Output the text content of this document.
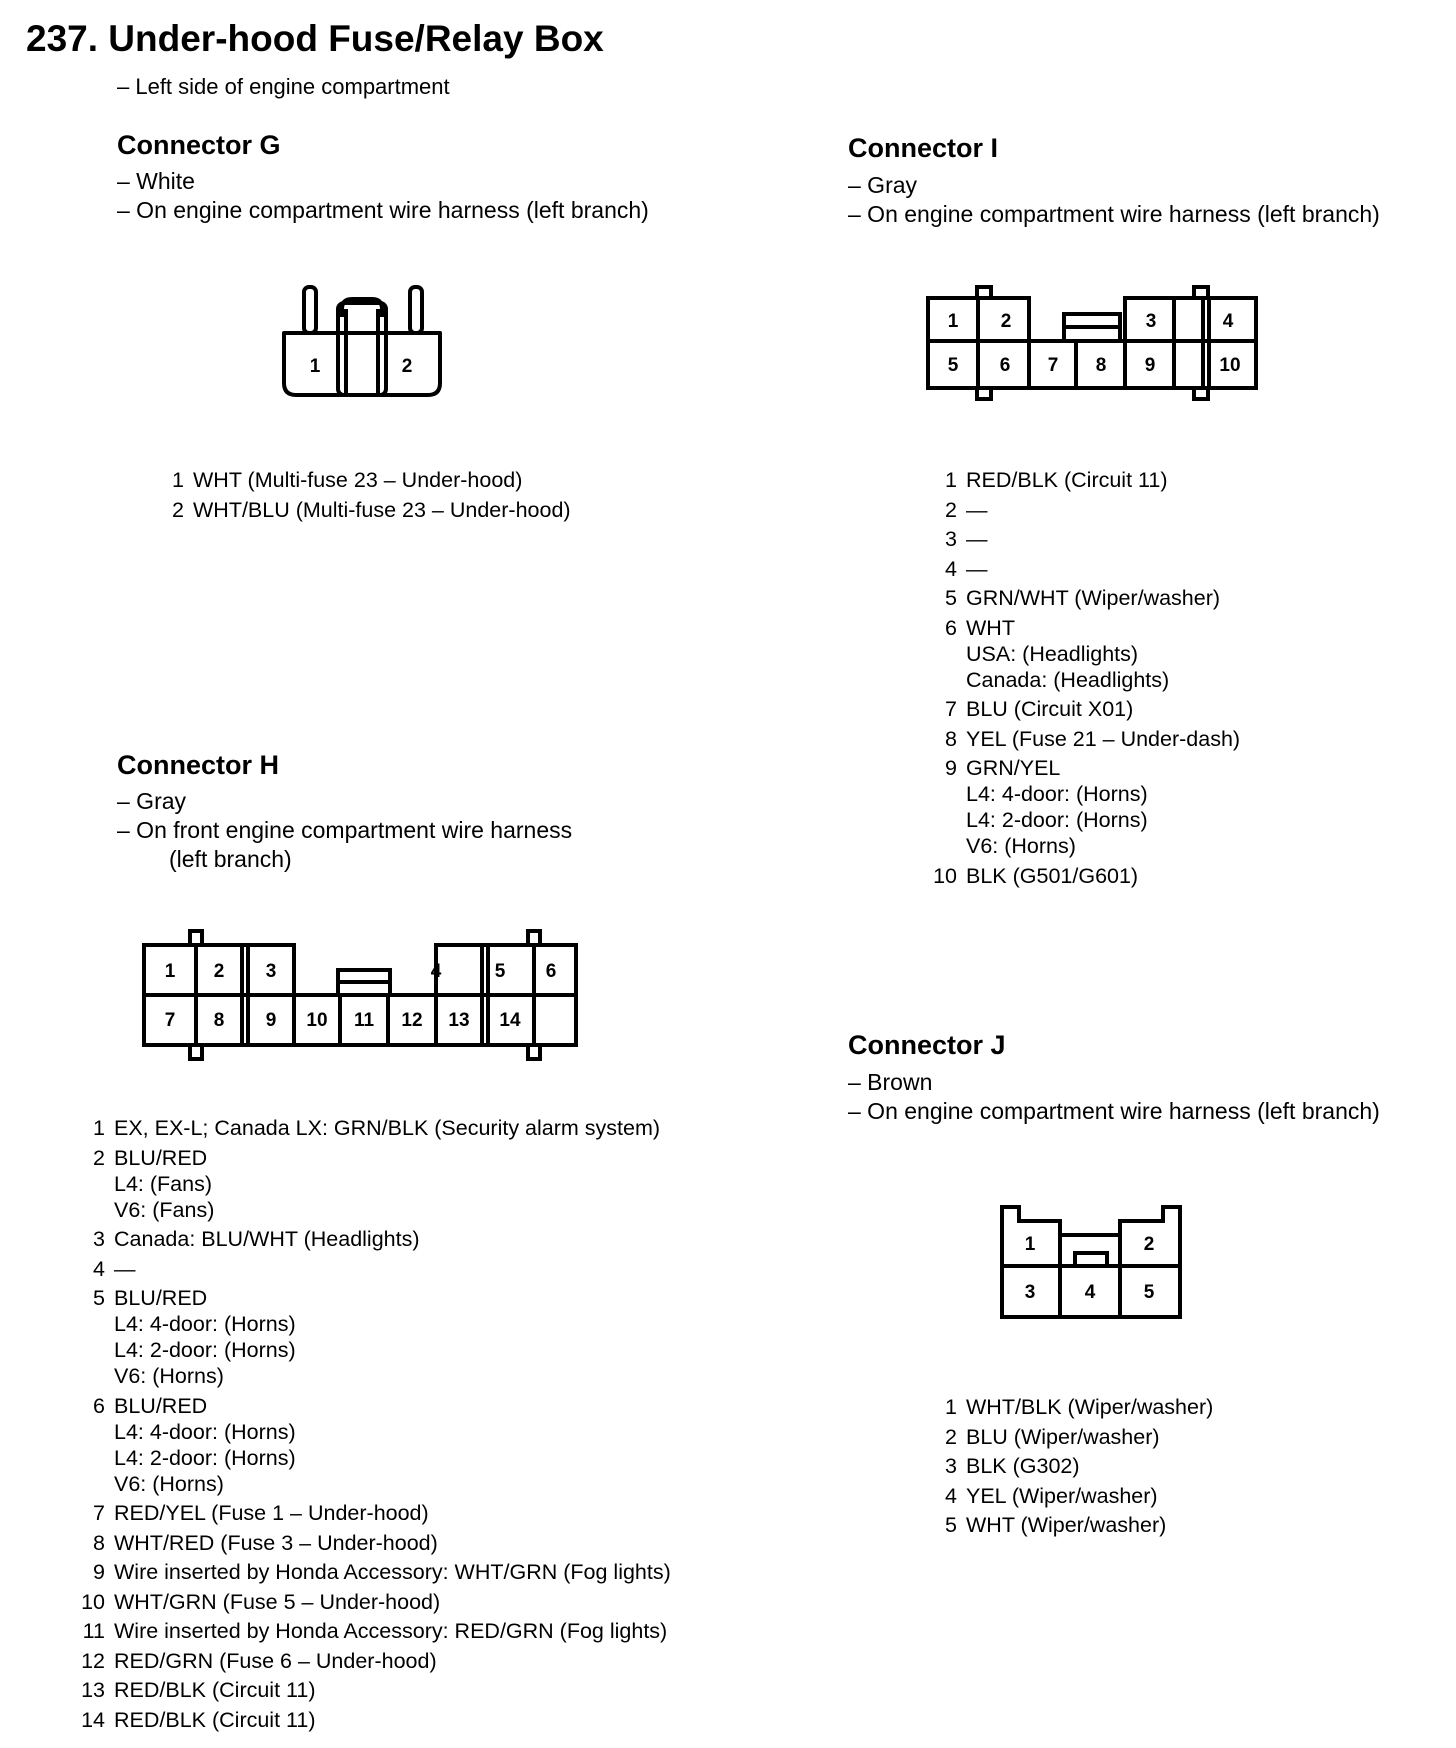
237. Under-hood Fuse/Relay Box
– Left side of engine compartment
Connector G
– White
– On engine compartment wire harness (left branch)
1	2
1 WHT (Multi-fuse 23 – Under-hood)
2 WHT/BLU (Multi-fuse 23 – Under-hood)
Connector H
– Gray
– On front engine compartment wire harness
(left branch)
1 2 3	4	5 6
7 8 9 10 11 12 13 14
1 EX, EX-L; Canada LX: GRN/BLK (Security alarm system)
2 BLU/RED
L4: (Fans)
V6: (Fans)
3 Canada: BLU/WHT (Headlights)
4 —
5 BLU/RED
L4: 4-door: (Horns)
L4: 2-door: (Horns)
V6: (Horns)
6 BLU/RED
L4: 4-door: (Horns)
L4: 2-door: (Horns)
V6: (Horns)
7 RED/YEL (Fuse 1 – Under-hood)
8 WHT/RED (Fuse 3 – Under-hood)
9 Wire inserted by Honda Accessory: WHT/GRN (Fog lights)
10 WHT/GRN (Fuse 5 – Under-hood)
11 Wire inserted by Honda Accessory: RED/GRN (Fog lights)
12 RED/GRN (Fuse 6 – Under-hood)
13 RED/BLK (Circuit 11)
14 RED/BLK (Circuit 11)
Connector I
– Gray
– On engine compartment wire harness (left branch)
1 2	3	4
5 6 7 8 9	10
1 RED/BLK (Circuit 11)
2 —
3 —
4 —
5 GRN/WHT (Wiper/washer)
6 WHT
USA: (Headlights)
Canada: (Headlights)
7 BLU (Circuit X01)
8 YEL (Fuse 21 – Under-dash)
9 GRN/YEL
L4: 4-door: (Horns)
L4: 2-door: (Horns)
V6: (Horns)
10 BLK (G501/G601)
Connector J
– Brown
– On engine compartment wire harness (left branch)
1	2
3	4	5
1 WHT/BLK (Wiper/washer)
2 BLU (Wiper/washer)
3 BLK (G302)
4 YEL (Wiper/washer)
5 WHT (Wiper/washer)
